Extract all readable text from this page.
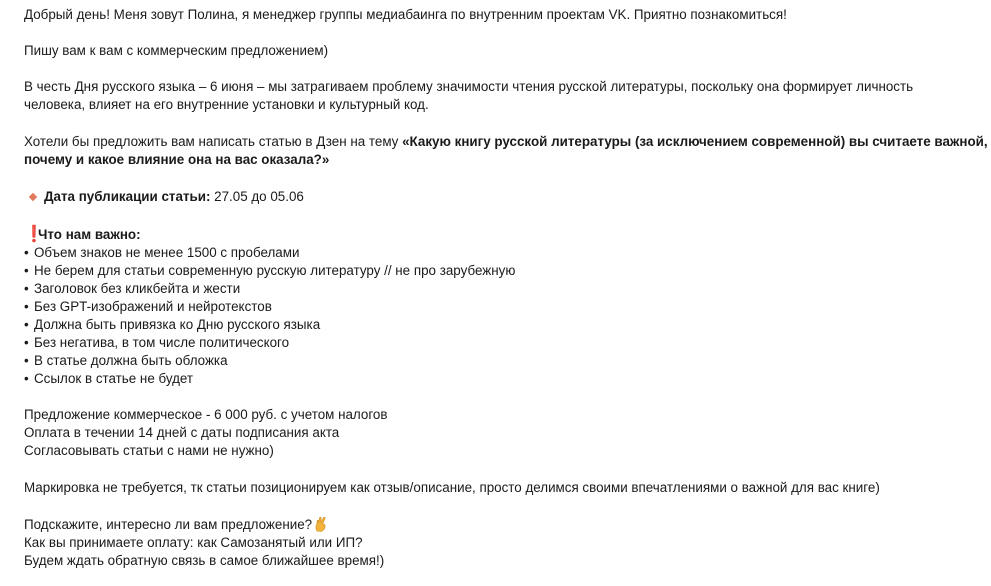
Добрый день! Меня зовут Полина, я менеджер группы медиабаинга по внутренним проектам VK. Приятно познакомиться!
Пишу вам к вам с коммерческим предложением)
В честь Дня русского языка – 6 июня – мы затрагиваем проблему значимости чтения русской литературы, поскольку она формирует личность
человека, влияет на его внутренние установки и культурный код.
Хотели бы предложить вам написать статью в Дзен на тему «Какую книгу русской литературы (за исключением современной) вы считаете важной,
почему и какое влияние она на вас оказала?»
Дата публикации статьи: 27.05 до 05.06
❗Что нам важно:
• Объем знаков не менее 1500 с пробелами
• Не берем для статьи современную русскую литературу // не про зарубежную
• Заголовок без кликбейта и жести
• Без GPT-изображений и нейротекстов
• Должна быть привязка ко Дню русского языка
• Без негатива, в том числе политического
• В статье должна быть обложка
• Ссылок в статье не будет
Предложение коммерческое - 6 000 руб. с учетом налогов
Оплата в течении 14 дней с даты подписания акта
Согласовывать статьи с нами не нужно)
Маркировка не требуется, тк статьи позиционируем как отзыв/описание, просто делимся своими впечатлениями о важной для вас книге)
Подскажите, интересно ли вам предложение?
Как вы принимаете оплату: как Самозанятый или ИП?
Будем ждать обратную связь в самое ближайшее время!)
